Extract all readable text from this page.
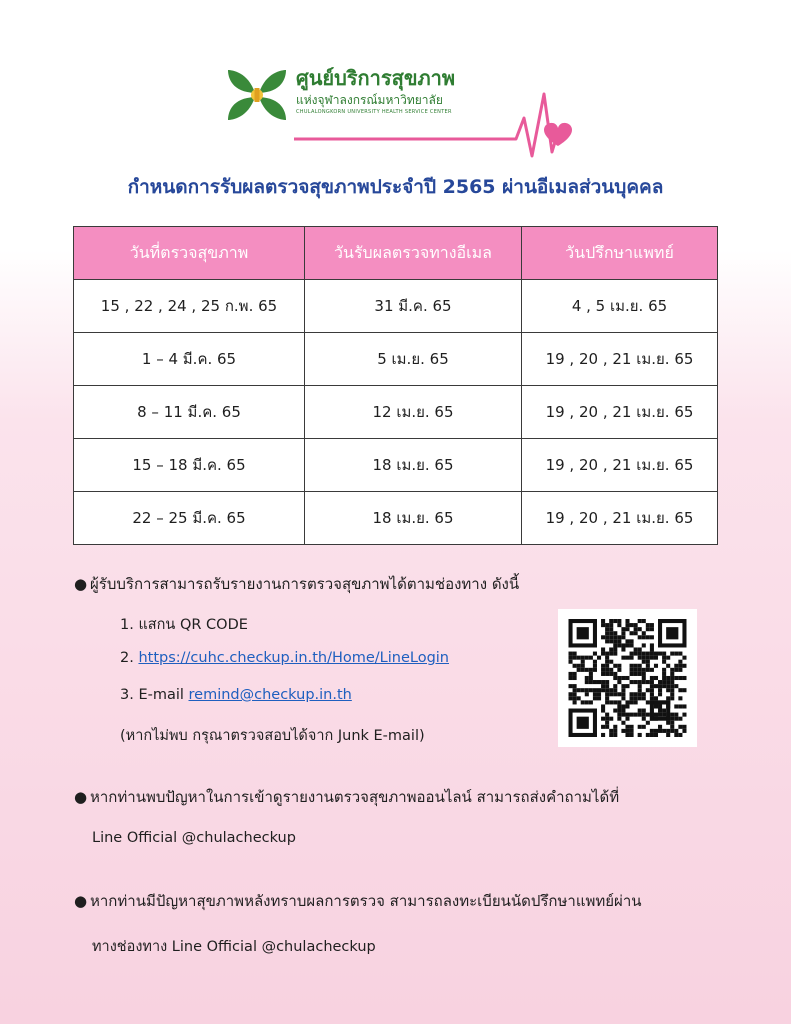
ศูนย์บริการสุขภาพ
แห่งจุฬาลงกรณ์มหาวิทยาลัย
CHULALONGKORN UNIVERSITY HEALTH SERVICE CENTER
กำหนดการรับผลตรวจสุขภาพประจำปี 2565 ผ่านอีเมลส่วนบุคคล
วันที่ตรวจสุขภาพ	วันรับผลตรวจทางอีเมล	วันปรึกษาแพทย์
15 , 22 , 24 , 25 ก.พ. 65	31 มี.ค. 65	4 , 5 เม.ย. 65
1 – 4 มี.ค. 65	5 เม.ย. 65	19 , 20 , 21 เม.ย. 65
8 – 11 มี.ค. 65	12 เม.ย. 65	19 , 20 , 21 เม.ย. 65
15 – 18 มี.ค. 65	18 เม.ย. 65	19 , 20 , 21 เม.ย. 65
22 – 25 มี.ค. 65	18 เม.ย. 65	19 , 20 , 21 เม.ย. 65
● ผู้รับบริการสามารถรับรายงานการตรวจสุขภาพได้ตามช่องทาง ดังนี้
1. แสกน QR CODE
2. https://cuhc.checkup.in.th/Home/LineLogin
3. E-mail remind@checkup.in.th
(หากไม่พบ กรุณาตรวจสอบได้จาก Junk E-mail)
● หากท่านพบปัญหาในการเข้าดูรายงานตรวจสุขภาพออนไลน์ สามารถส่งคำถามได้ที่
Line Official @chulacheckup
● หากท่านมีปัญหาสุขภาพหลังทราบผลการตรวจ สามารถลงทะเบียนนัดปรึกษาแพทย์ผ่าน
ทางช่องทาง Line Official @chulacheckup
